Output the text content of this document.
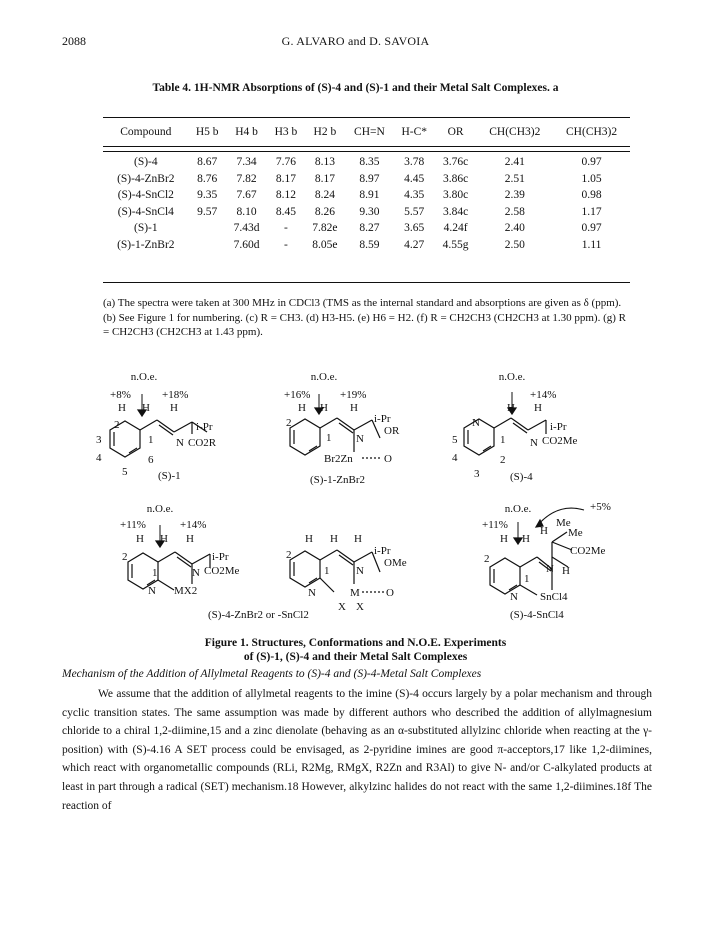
2088	G. ALVARO and D. SAVOIA
Table 4. 1H-NMR Absorptions of (S)-4 and (S)-1 and their Metal Salt Complexes. a
Compound	H5 b	H4 b	H3 b	H2 b	CH=N	H-C*	OR	CH(CH3)2	CH(CH3)2
(S)-4	8.67	7.34	7.76	8.13	8.35	3.78	3.76c	2.41	0.97
(S)-4-ZnBr2	8.76	7.82	8.17	8.17	8.97	4.45	3.86c	2.51	1.05
(S)-4-SnCl2	9.35	7.67	8.12	8.24	8.91	4.35	3.80c	2.39	0.98
(S)-4-SnCl4	9.57	8.10	8.45	8.26	9.30	5.57	3.84c	2.58	1.17
(S)-1		7.43d	-	7.82e	8.27	3.65	4.24f	2.40	0.97
(S)-1-ZnBr2		7.60d	-	8.05e	8.59	4.27	4.55g	2.50	1.11
(a) The spectra were taken at 300 MHz in CDCl3 (TMS as the internal standard and absorptions are given as δ (ppm). (b) See Figure 1 for numbering. (c) R = CH3. (d) H3-H5. (e) H6 = H2. (f) R = CH2CH3 (CH2CH3 at 1.30 ppm). (g) R = CH2CH3 (CH2CH3 at 1.43 ppm).
n.O.e.
+8%	+18%
H H H
2
3
4
5
1
6
N
i-Pr
CO2R
(S)-1
n.O.e.
+16%	+19%
H H H
2
1 N
i-Pr
OR
Br2Zn	O
(S)-1-ZnBr2
n.O.e.
+14%
H H
N
5
4
3
1
2
N
i-Pr
CO2Me
(S)-4
n.O.e.
+11%	+14%
H H H
2
1	N
i-Pr
CO2Me
N MX2
H H H
2
1 N
i-Pr
OMe
N	M O
X X
(S)-4-ZnBr2 or -SnCl2
n.O.e.	+5%
+11%
H H
H
Me
Me
CO2Me
2
N H
1
N SnCl4
(S)-4-SnCl4
Figure 1. Structures, Conformations and N.O.E. Experiments
of (S)-1, (S)-4 and their Metal Salt Complexes
Mechanism of the Addition of Allylmetal Reagents to (S)-4 and (S)-4-Metal Salt Complexes

We assume that the addition of allylmetal reagents to the imine (S)-4 occurs largely by a polar mechanism and through cyclic transition states. The same assumption was made by different authors who described the addition of allylmagnesium chloride to a chiral 1,2-diimine,15 and a zinc dienolate (behaving as an α-substituted allylzinc chloride when reacting at the γ-position) with (S)-4.16 A SET process could be envisaged, as 2-pyridine imines are good π-acceptors,17 like 1,2-diimines, which react with organometallic compounds (RLi, R2Mg, RMgX, R2Zn and R3Al) to give N- and/or C-alkylated products at least in part through a radical (SET) mechanism.18 However, alkylzinc halides do not react with the same 1,2-diimines.18f The reaction of
